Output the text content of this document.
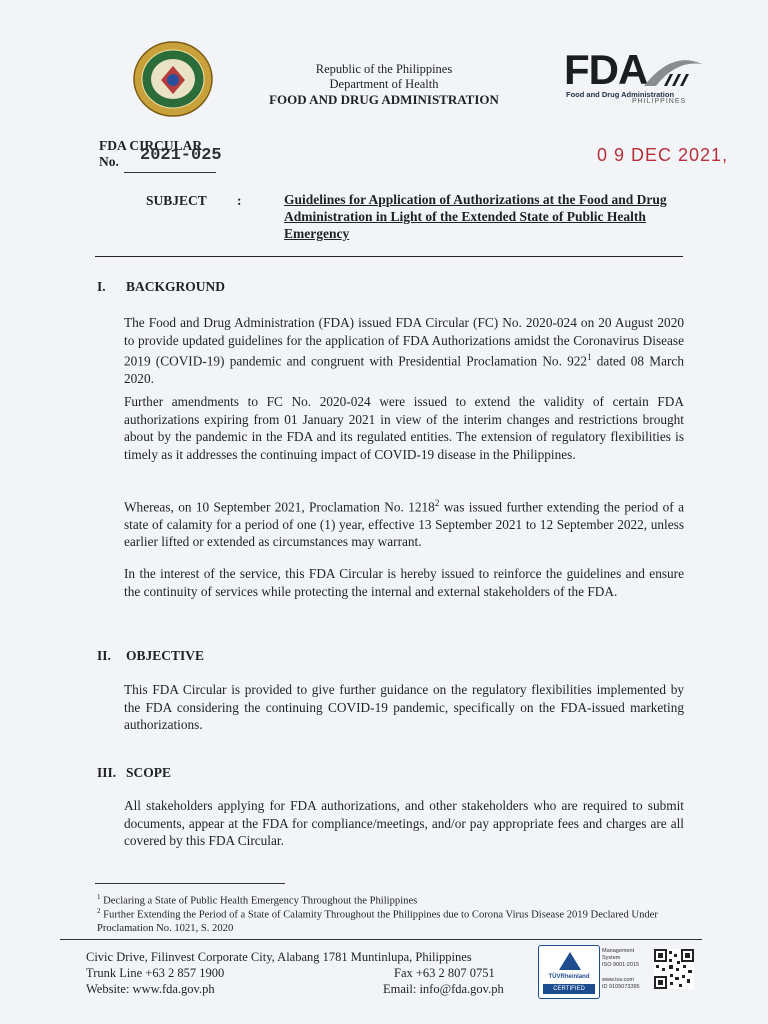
Republic of the Philippines
Department of Health
FOOD AND DRUG ADMINISTRATION
FDA
Food and Drug Administration
PHILIPPINES
FDA CIRCULAR
No.	2021-025	0 9 DEC 2021,
SUBJECT :	Guidelines for Application of Authorizations at the Food and Drug Administration in Light of the Extended State of Public Health Emergency
I. BACKGROUND
The Food and Drug Administration (FDA) issued FDA Circular (FC) No. 2020-024 on 20 August 2020 to provide updated guidelines for the application of FDA Authorizations amidst the Coronavirus Disease 2019 (COVID-19) pandemic and congruent with Presidential Proclamation No. $922^1$ dated 08 March 2020.
Further amendments to FC No. 2020-024 were issued to extend the validity of certain FDA authorizations expiring from 01 January 2021 in view of the interim changes and restrictions brought about by the pandemic in the FDA and its regulated entities. The extension of regulatory flexibilities is timely as it addresses the continuing impact of COVID-19 disease in the Philippines.
Whereas, on 10 September 2021, Proclamation No. 1218$^2$ was issued further extending the period of a state of calamity for a period of one (1) year, effective 13 September 2021 to 12 September 2022, unless earlier lifted or extended as circumstances may warrant.
In the interest of the service, this FDA Circular is hereby issued to reinforce the guidelines and ensure the continuity of services while protecting the internal and external stakeholders of the FDA.
II. OBJECTIVE
This FDA Circular is provided to give further guidance on the regulatory flexibilities implemented by the FDA considering the continuing COVID-19 pandemic, specifically on the FDA-issued marketing authorizations.
III. SCOPE
All stakeholders applying for FDA authorizations, and other stakeholders who are required to submit documents, appear at the FDA for compliance/meetings, and/or pay appropriate fees and charges are all covered by this FDA Circular.
$^1$ Declaring a State of Public Health Emergency Throughout the Philippines
$^2$ Further Extending the Period of a State of Calamity Throughout the Philippines due to Corona Virus Disease 2019 Declared Under Proclamation No. 1021, S. 2020
Civic Drive, Filinvest Corporate City, Alabang 1781 Muntinlupa, Philippines
Trunk Line +63 2 857 1900	Fax +63 2 807 0751
Website: www.fda.gov.ph	Email: info@fda.gov.ph
TÜVRheinland
CERTIFIED
Management
System
ISO 9001:2015
www.tuv.com
ID 9105073395
